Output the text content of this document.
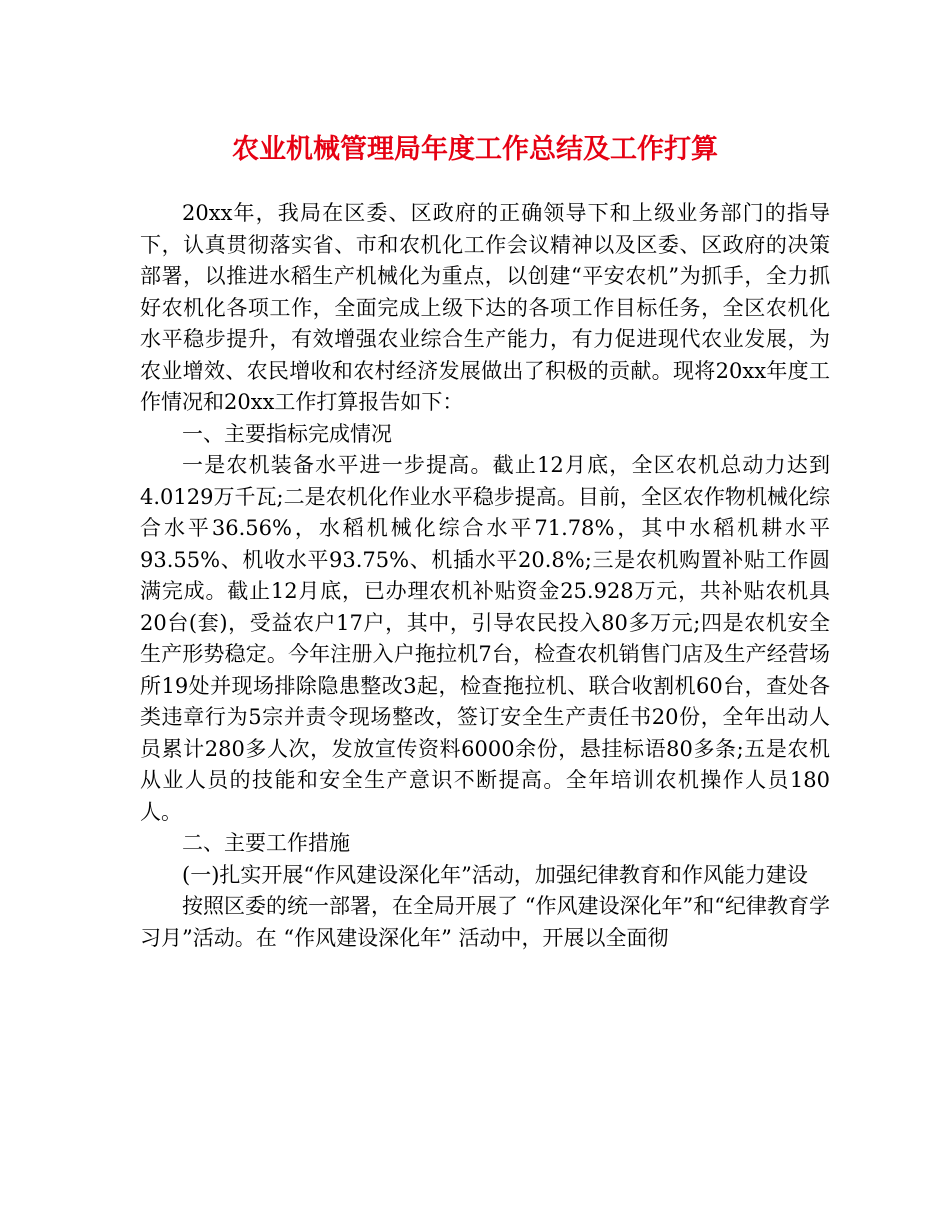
农业机械管理局年度工作总结及工作打算

20xx年，我局在区委、区政府的正确领导下和上级业务部门的指导下，认真贯彻落实省、市和农机化工作会议精神以及区委、区政府的决策部署，以推进水稻生产机械化为重点，以创建“平安农机”为抓手，全力抓好农机化各项工作，全面完成上级下达的各项工作目标任务，全区农机化水平稳步提升，有效增强农业综合生产能力，有力促进现代农业发展，为农业增效、农民增收和农村经济发展做出了积极的贡献。现将20xx年度工作情况和20xx工作打算报告如下：

一、主要指标完成情况

一是农机装备水平进一步提高。截止12月底，全区农机总动力达到4.0129万千瓦;二是农机化作业水平稳步提高。目前，全区农作物机械化综合水平36.56%，水稻机械化综合水平71.78%，其中水稻机耕水平93.55%、机收水平93.75%、机插水平20.8%;三是农机购置补贴工作圆满完成。截止12月底，已办理农机补贴资金25.928万元，共补贴农机具20台(套)，受益农户17户，其中，引导农民投入80多万元;四是农机安全生产形势稳定。今年注册入户拖拉机7台，检查农机销售门店及生产经营场所19处并现场排除隐患整改3起，检查拖拉机、联合收割机60台，查处各类违章行为5宗并责令现场整改，签订安全生产责任书20份，全年出动人员累计280多人次，发放宣传资料6000余份，悬挂标语80多条;五是农机从业人员的技能和安全生产意识不断提高。全年培训农机操作人员180人。

二、主要工作措施

(一)扎实开展“作风建设深化年”活动，加强纪律教育和作风能力建设

按照区委的统一部署，在全局开展了 “作风建设深化年”和“纪律教育学习月”活动。在 “作风建设深化年” 活动中，开展以全面彻
